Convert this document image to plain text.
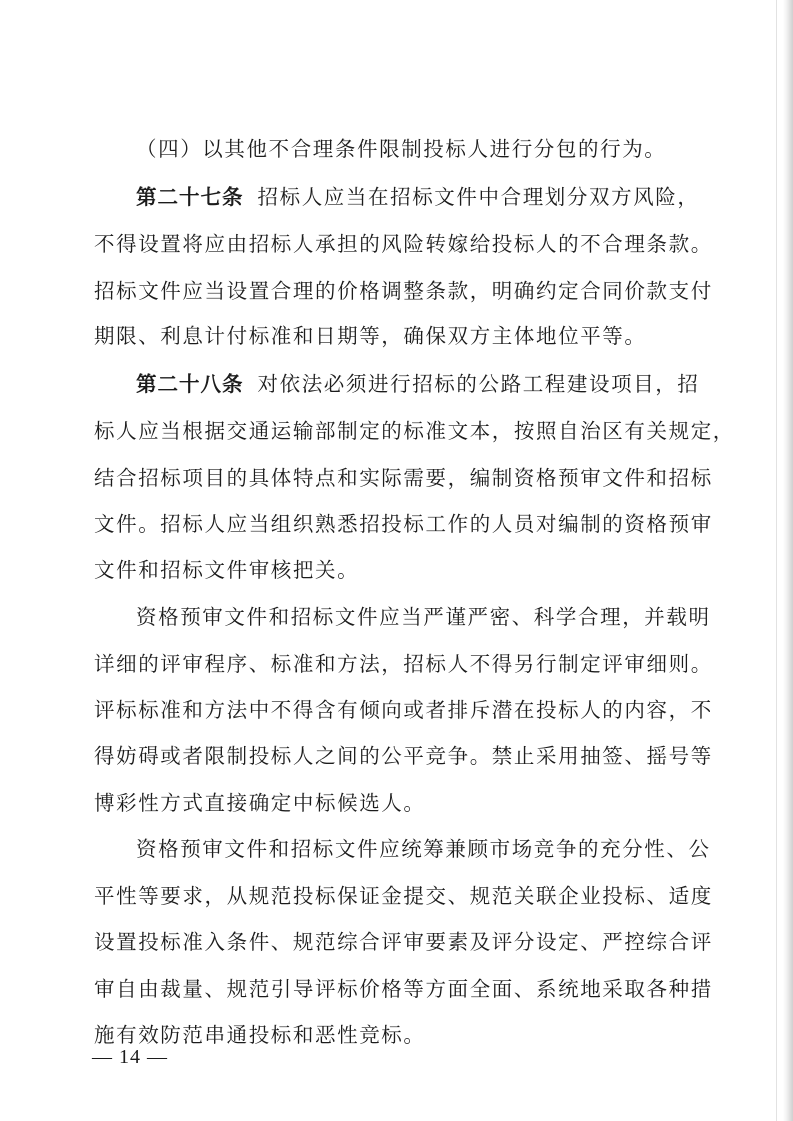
（四）以其他不合理条件限制投标人进行分包的行为。
第二十七条 招标人应当在招标文件中合理划分双方风险，
不得设置将应由招标人承担的风险转嫁给投标人的不合理条款。
招标文件应当设置合理的价格调整条款，明确约定合同价款支付
期限、利息计付标准和日期等，确保双方主体地位平等。
第二十八条 对依法必须进行招标的公路工程建设项目，招
标人应当根据交通运输部制定的标准文本，按照自治区有关规定，
结合招标项目的具体特点和实际需要，编制资格预审文件和招标
文件。招标人应当组织熟悉招投标工作的人员对编制的资格预审
文件和招标文件审核把关。
资格预审文件和招标文件应当严谨严密、科学合理，并载明
详细的评审程序、标准和方法，招标人不得另行制定评审细则。
评标标准和方法中不得含有倾向或者排斥潜在投标人的内容，不
得妨碍或者限制投标人之间的公平竞争。禁止采用抽签、摇号等
博彩性方式直接确定中标候选人。
资格预审文件和招标文件应统筹兼顾市场竞争的充分性、公
平性等要求，从规范投标保证金提交、规范关联企业投标、适度
设置投标准入条件、规范综合评审要素及评分设定、严控综合评
审自由裁量、规范引导评标价格等方面全面、系统地采取各种措
施有效防范串通投标和恶性竞标。
— 14 —
